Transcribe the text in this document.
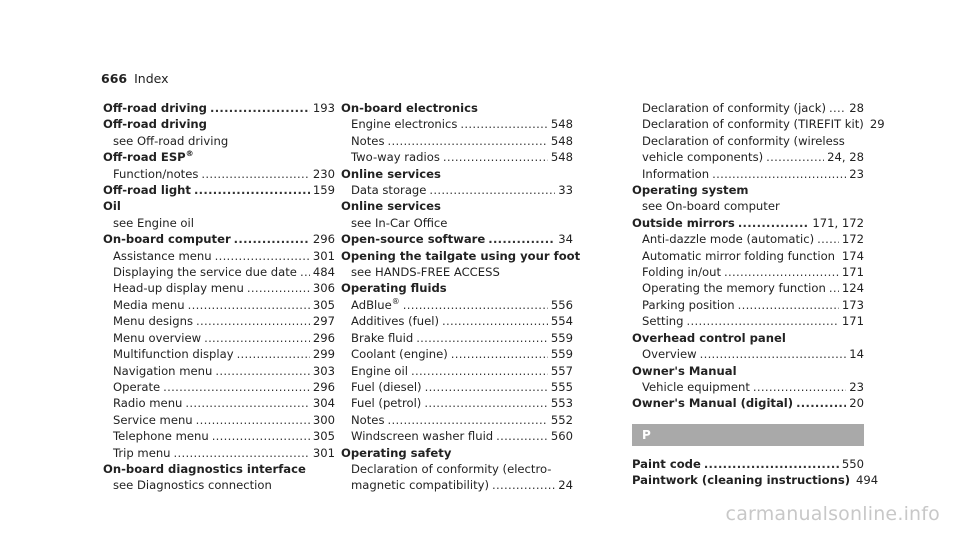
666 Index
Off-road driving .....	193
Off-road driving
see Off-road driving
Off-road ESP®
Function/notes .....	230
Off-road light .....	159
Oil
see Engine oil
On-board computer .....	296
Assistance menu .....	301
Displaying the service due date ..... 484
Head-up display menu .....	306
Media menu .....	305
Menu designs .....	297
Menu overview .....	296
Multifunction display .....	299
Navigation menu .....	303
Operate .....	296
Radio menu .....	304
Service menu .....	300
Telephone menu .....	305
Trip menu .....	301
On-board diagnostics interface
see Diagnostics connection
On-board electronics
Engine electronics .....	548
Notes .....	548
Two-way radios .....	548
Online services
Data storage .....	33
Online services
see In-Car Office
Open-source software .....	34
Opening the tailgate using your foot
see HANDS-FREE ACCESS
Operating fluids
AdBlue® .....	556
Additives (fuel) .....	554
Brake fluid .....	559
Coolant (engine) .....	559
Engine oil .....	557
Fuel (diesel) .....	555
Fuel (petrol) .....	553
Notes .....	552
Windscreen washer fluid .....	560
Operating safety
Declaration of conformity (electro-
magnetic compatibility) .....	24
Declaration of conformity (jack) ..... 28
Declaration of conformity (TIREFIT kit) 29
Declaration of conformity (wireless
vehicle components) .....	24, 28
Information .....	23
Operating system
see On-board computer
Outside mirrors .....	171, 172
Anti-dazzle mode (automatic) ..... 172
Automatic mirror folding function ..... 174
Folding in/out .....	171
Operating the memory function ..... 124
Parking position .....	173
Setting .....	171
Overhead control panel
Overview .....	14
Owner's Manual
Vehicle equipment .....	23
Owner's Manual (digital) .....	20
P
Paint code .....	550
Paintwork (cleaning instructions) 494
carmanualsonline.info
